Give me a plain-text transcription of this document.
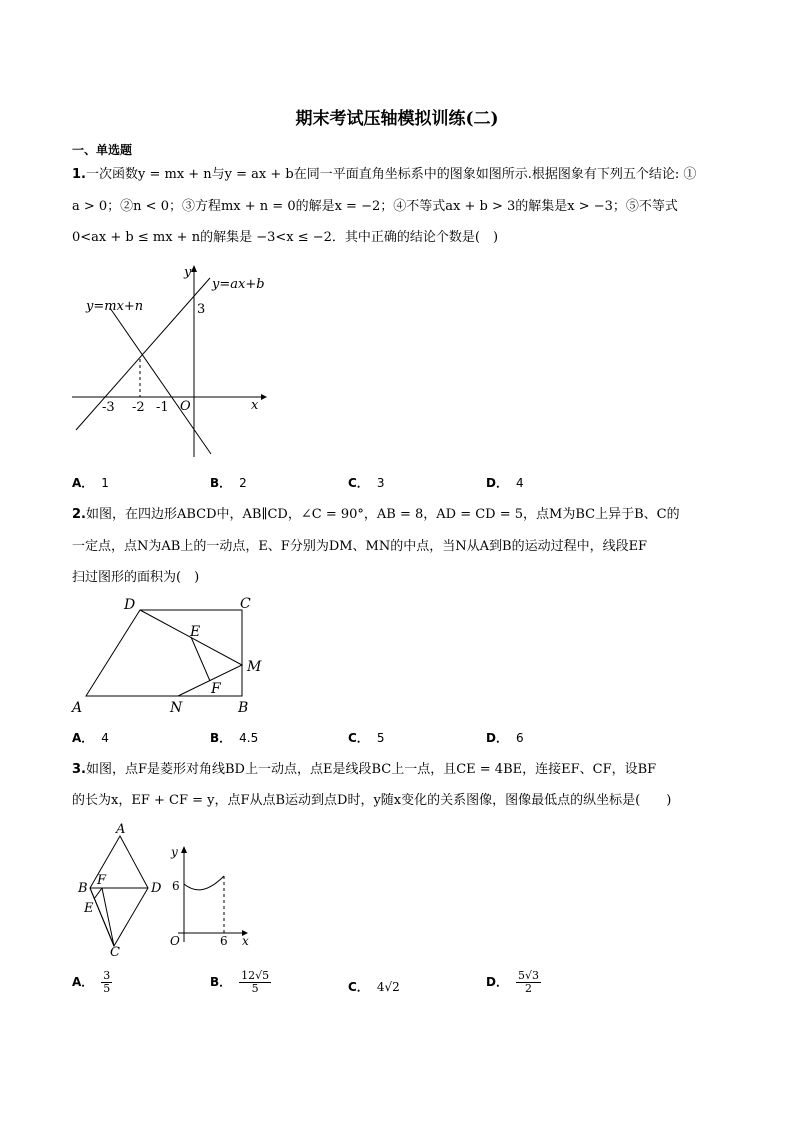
期末考试压轴模拟训练(二)
一、单选题
1.一次函数y = mx + n与y = ax + b在同一平面直角坐标系中的图象如图所示.根据图象有下列五个结论: ①
a > 0；②n < 0；③方程mx + n = 0的解是x = −2；④不等式ax + b > 3的解集是x > −3；⑤不等式
0<ax + b ≤ mx + n的解集是 −3<x ≤ −2．其中正确的结论个数是(　)
y
x
O
y=ax+b
y=mx+n	3
-3 -2 -1
A． 1	B． 2	C． 3	D． 4
2.如图，在四边形ABCD中，AB∥CD，∠C = 90°，AB = 8，AD = CD = 5，点M为BC上异于B、C的
一定点，点N为AB上的一动点，E、F分别为DM、MN的中点，当N从A到B的运动过程中，线段EF
扫过图形的面积为(　)
D	C
E
M
F
A	N	B
A． 4	B． 4.5	C． 5	D． 6
3.如图，点F是菱形对角线BD上一动点，点E是线段BC上一点，且CE = 4BE，连接EF、CF，设BF
的长为x，EF + CF = y，点F从点B运动到点D时，y随x变化的关系图像，图像最低点的纵坐标是(　　)
A
B
F
D
E
C
y
6
O	6 x
A． $\frac{3}{5}$	B． $\frac{12√5}{5}$	C． 4√2	D． $\frac{5√3}{2}$
